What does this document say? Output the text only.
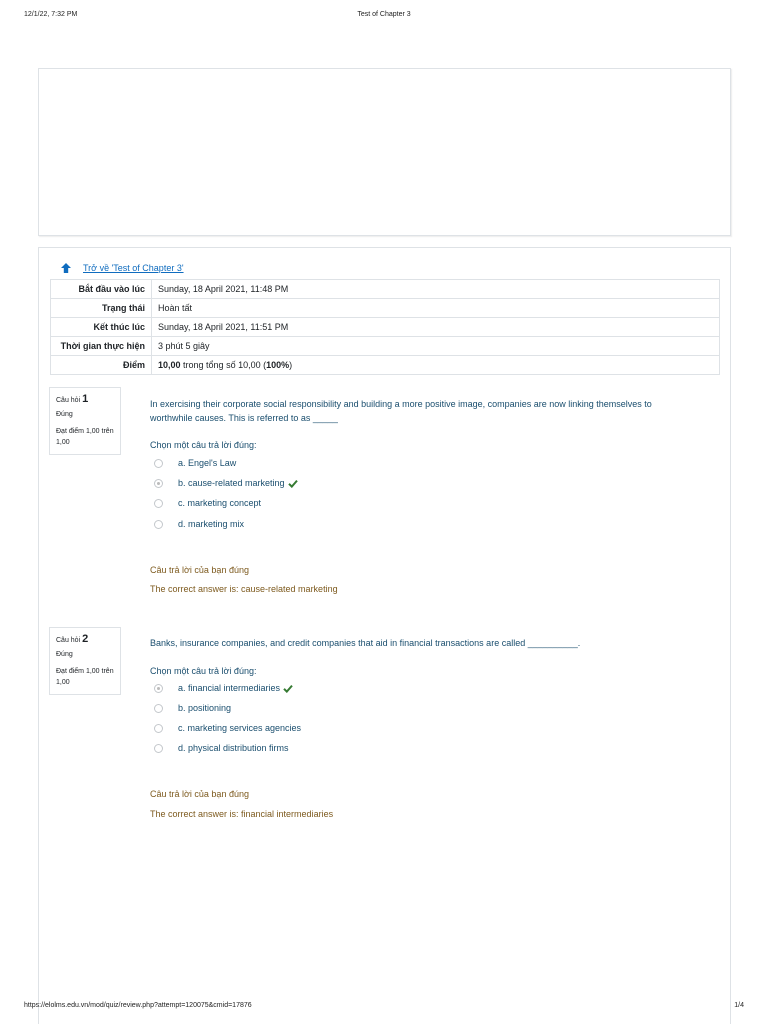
12/1/22, 7:32 PM	Test of Chapter 3
Trở về 'Test of Chapter 3'
Bắt đầu vào lúc	Sunday, 18 April 2021, 11:48 PM
Trạng thái	Hoàn tất
Kết thúc lúc	Sunday, 18 April 2021, 11:51 PM
Thời gian thực hiện	3 phút 5 giây
Điểm	10,00 trong tổng số 10,00 (100%)
Câu hỏi 1
Đúng
Đạt điểm 1,00 trên 1,00
In exercising their corporate social responsibility and building a more positive image, companies are now linking themselves to worthwhile causes. This is referred to as _____
Chọn một câu trả lời đúng:
a. Engel's Law
b. cause-related marketing
c. marketing concept
d. marketing mix
Câu trả lời của bạn đúng
The correct answer is: cause-related marketing
Câu hỏi 2
Đúng
Đạt điểm 1,00 trên 1,00
Banks, insurance companies, and credit companies that aid in financial transactions are called __________.
Chọn một câu trả lời đúng:
a. financial intermediaries
b. positioning
c. marketing services agencies
d. physical distribution firms
Câu trả lời của bạn đúng
The correct answer is: financial intermediaries
https://elolms.edu.vn/mod/quiz/review.php?attempt=120075&cmid=17876	1/4
